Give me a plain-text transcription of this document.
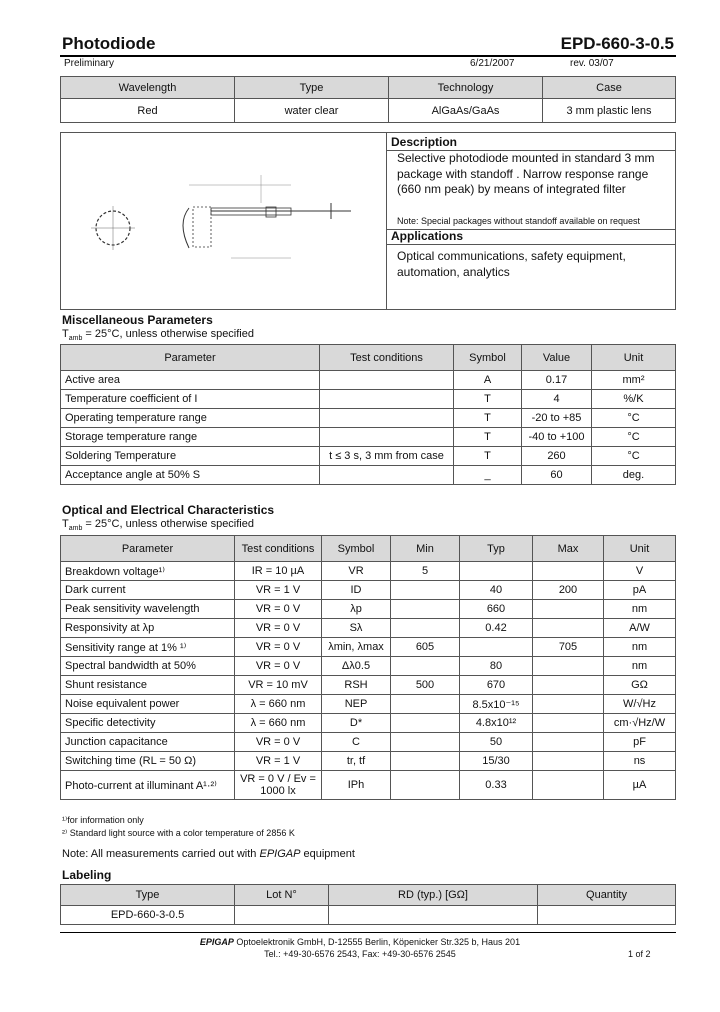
Photodiode	EPD-660-3-0.5
Preliminary	6/21/2007	rev. 03/07
Wavelength	Type	Technology	Case
Red	water clear	AlGaAs/GaAs	3 mm plastic lens
Description
Selective photodiode mounted in standard 3 mm package with standoff . Narrow response range (660 nm peak) by means of integrated filter
Note: Special packages without standoff available on request
Applications
Optical communications, safety equipment, automation, analytics
Miscellaneous Parameters
$T_{amb} = 25^\circ C$, unless otherwise specified
Parameter	Test conditions	Symbol	Value	Unit
Active area		A	0.17	mm²
Temperature coefficient of I		T	4	%/K
Operating temperature range		T	-20 to +85	°C
Storage temperature range		T	-40 to +100	°C
Soldering Temperature	t ≤ 3 s, 3 mm from case	T	260	°C
Acceptance angle at 50% S		_	60	deg.
Optical and Electrical Characteristics
$T_{amb} = 25^\circ C$, unless otherwise specified
Parameter	Test conditions	Symbol	Min	Typ	Max	Unit
Breakdown voltage¹⁾	IR = 10 µA	VR	5			V
Dark current	VR = 1 V	ID		40	200	pA
Peak sensitivity wavelength	VR = 0 V	λp		660		nm
Responsivity at λp	VR = 0 V	Sλ		0.42		A/W
Sensitivity range at 1% ¹⁾	VR = 0 V	λmin, λmax	605		705	nm
Spectral bandwidth at 50%	VR = 0 V	Δλ0.5		80		nm
Shunt resistance	VR = 10 mV	RSH	500	670		GΩ
Noise equivalent power	λ = 660 nm	NEP		8.5x10⁻¹⁵		W/√Hz
Specific detectivity	λ = 660 nm	D*		4.8x10¹²		cm·√Hz/W
Junction capacitance	VR = 0 V	C		50		pF
Switching time (RL = 50 Ω)	VR = 1 V	tr, tf		15/30		ns
Photo-current at illuminant A¹·²⁾	VR = 0 V / Ev = 1000 lx	IPh		0.33		µA
¹⁾for information only
²⁾ Standard light source with a color temperature of 2856 K
Note: All measurements carried out with EPIGAP equipment
Labeling
Type	Lot N°	RD (typ.) [GΩ]	Quantity
EPD-660-3-0.5			
EPIGAP Optoelektronik GmbH, D-12555 Berlin, Köpenicker Str.325 b, Haus 201
Tel.: +49-30-6576 2543, Fax: +49-30-6576 2545	1 of 2
